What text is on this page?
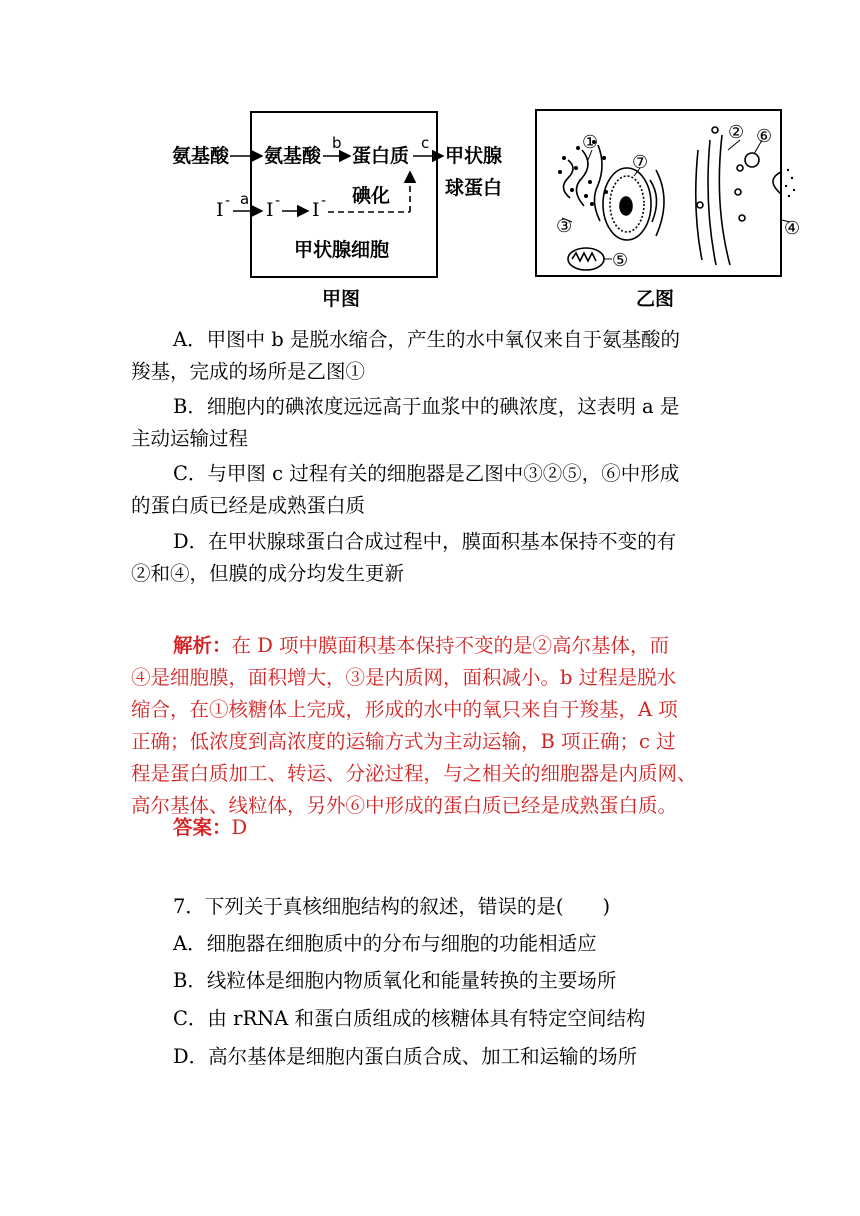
氨基酸 氨基酸
b
蛋白质
c
甲状腺
球蛋白
I - a I - I - 碘化
甲状腺细胞
甲图
①	②
③	④
⑤
⑥
⑦
乙图
A．甲图中 b 是脱水缩合，产生的水中氧仅来自于氨基酸的
羧基，完成的场所是乙图①
B．细胞内的碘浓度远远高于血浆中的碘浓度，这表明 a 是
主动运输过程
C．与甲图 c 过程有关的细胞器是乙图中③②⑤，⑥中形成
的蛋白质已经是成熟蛋白质
D．在甲状腺球蛋白合成过程中，膜面积基本保持不变的有
②和④，但膜的成分均发生更新
解析：在 D 项中膜面积基本保持不变的是②高尔基体，而
④是细胞膜，面积增大，③是内质网，面积减小。b 过程是脱水
缩合，在①核糖体上完成，形成的水中的氧只来自于羧基，A 项
正确；低浓度到高浓度的运输方式为主动运输，B 项正确；c 过
程是蛋白质加工、转运、分泌过程，与之相关的细胞器是内质网、
高尔基体、线粒体，另外⑥中形成的蛋白质已经是成熟蛋白质。
答案：D
7．下列关于真核细胞结构的叙述，错误的是(　　)
A．细胞器在细胞质中的分布与细胞的功能相适应
B．线粒体是细胞内物质氧化和能量转换的主要场所
C．由 rRNA 和蛋白质组成的核糖体具有特定空间结构
D．高尔基体是细胞内蛋白质合成、加工和运输的场所
